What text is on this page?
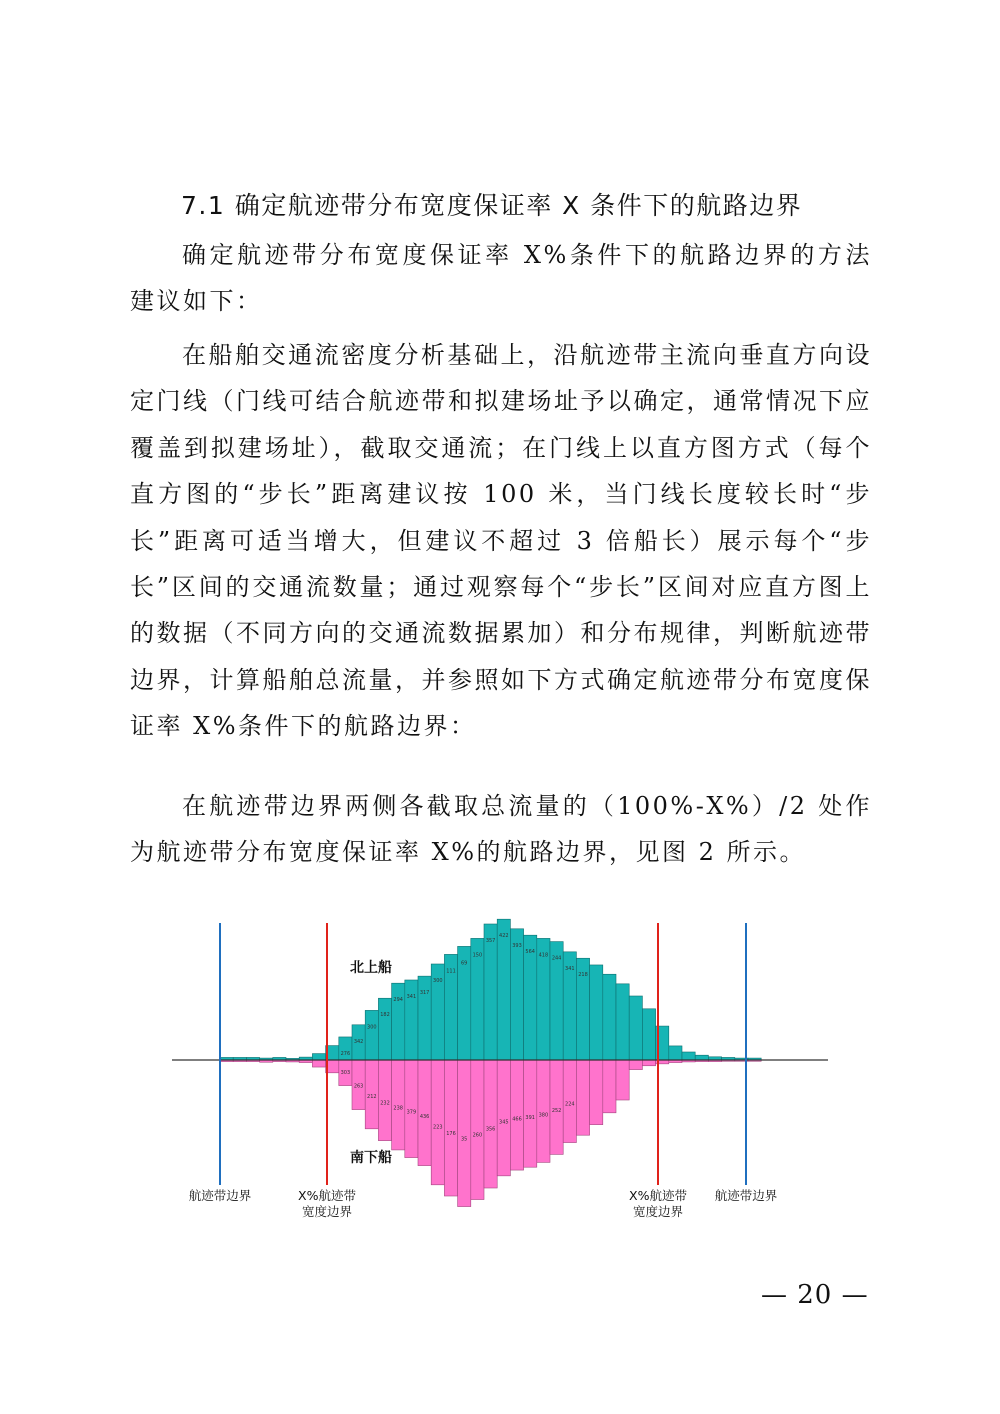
7.1 确定航迹带分布宽度保证率 X 条件下的航路边界

确定航迹带分布宽度保证率 X%条件下的航路边界的方法建议如下：

在船舶交通流密度分析基础上，沿航迹带主流向垂直方向设定门线（门线可结合航迹带和拟建场址予以确定，通常情况下应覆盖到拟建场址），截取交通流；在门线上以直方图方式（每个直方图的“步长”距离建议按 100 米，当门线长度较长时“步长”距离可适当增大，但建议不超过 3 倍船长）展示每个“步长”区间的交通流数量；通过观察每个“步长”区间对应直方图上的数据（不同方向的交通流数据累加）和分布规律，判断航迹带边界，计算船舶总流量，并参照如下方式确定航迹带分布宽度保证率 X%条件下的航路边界：

在航迹带边界两侧各截取总流量的（100%-X%）/2 处作为航迹带分布宽度保证率 X%的航路边界，见图 2 所示。

276
303
342
263
300
212
182
232
294
238
341
379
317
436
300
223
111
176
69
35
150
260
357
356
422
345
393
466
564
391
418
380
244
252
341
224
218
北上船
南下船
航迹带边界	X%航迹带
宽度边界
X%航迹带
宽度边界
航迹带边界
— 20 —
